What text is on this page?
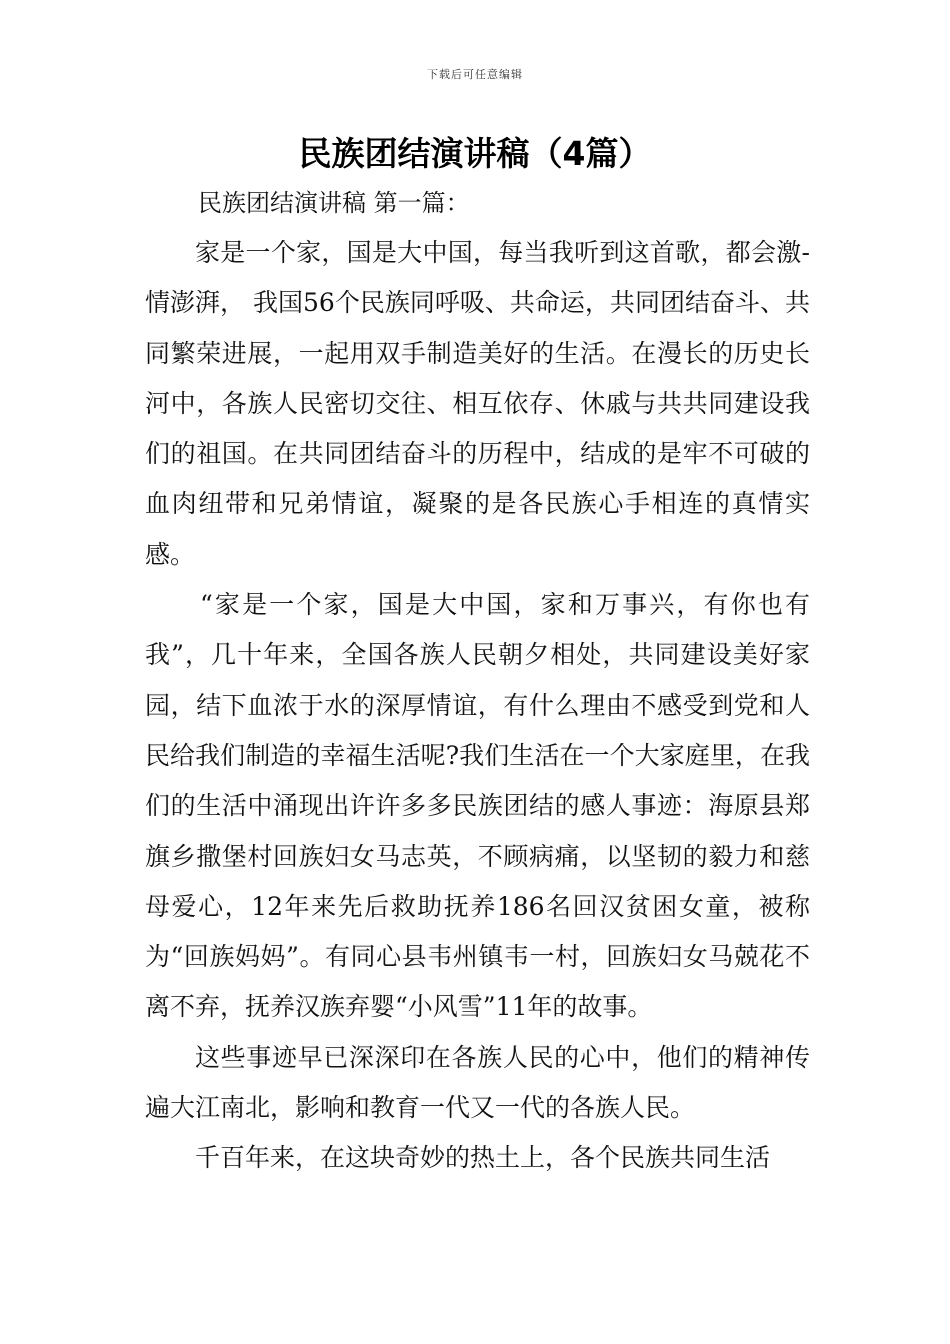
下载后可任意编辑
民族团结演讲稿（4篇）
民族团结演讲稿 第一篇：

家是一个家，国是大中国，每当我听到这首歌，都会激-情澎湃， 我国56个民族同呼吸、共命运，共同团结奋斗、共同繁荣进展，一起用双手制造美好的生活。在漫长的历史长河中，各族人民密切交往、相互依存、休戚与共共同建设我们的祖国。在共同团结奋斗的历程中，结成的是牢不可破的血肉纽带和兄弟情谊，凝聚的是各民族心手相连的真情实感。

“家是一个家，国是大中国，家和万事兴，有你也有我”，几十年来，全国各族人民朝夕相处，共同建设美好家园，结下血浓于水的深厚情谊，有什么理由不感受到党和人民给我们制造的幸福生活呢?我们生活在一个大家庭里，在我们的生活中涌现出许许多多民族团结的感人事迹：海原县郑旗乡撒堡村回族妇女马志英，不顾病痛，以坚韧的毅力和慈母爱心，12年来先后救助抚养186名回汉贫困女童，被称为“回族妈妈”。有同心县韦州镇韦一村，回族妇女马兢花不离不弃，抚养汉族弃婴“小风雪”11年的故事。

这些事迹早已深深印在各族人民的心中，他们的精神传遍大江南北，影响和教育一代又一代的各族人民。

千百年来，在这块奇妙的热土上，各个民族共同生活
